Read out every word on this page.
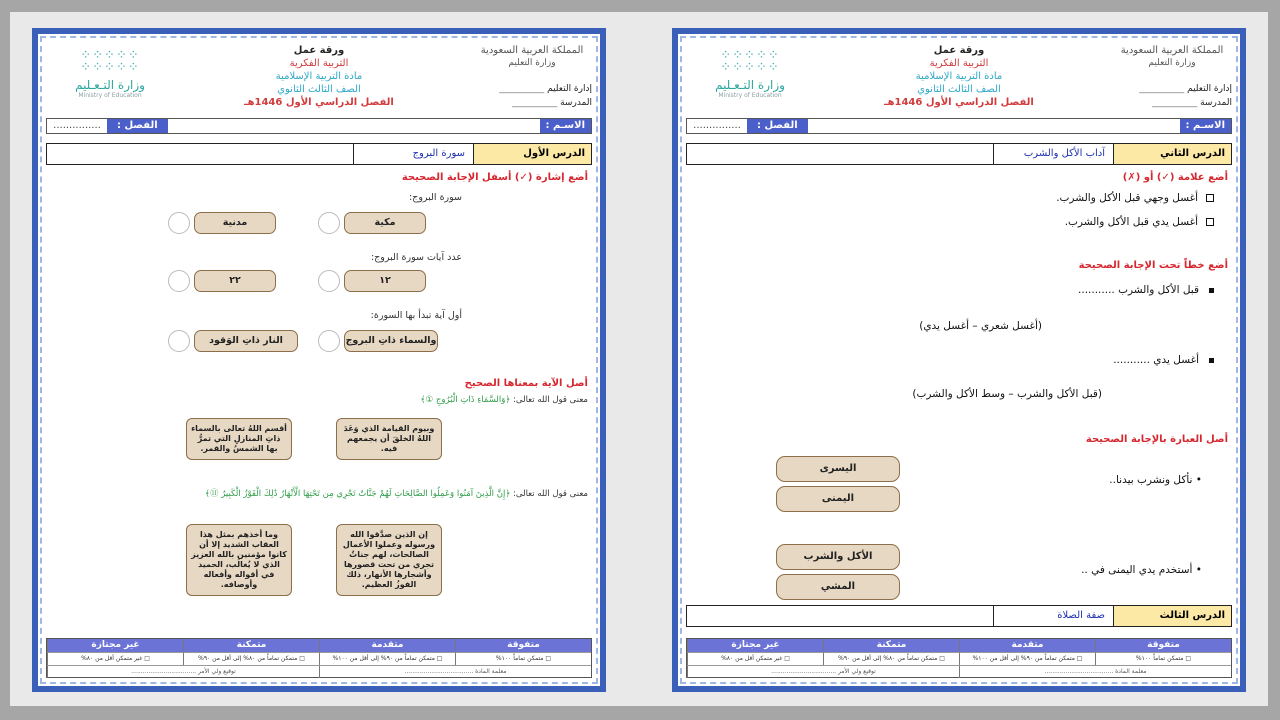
المملكة العربية السعودية
وزارة التعليم
إدارة التعليم __________
المدرسة __________
ورقة عمل
التربية الفكرية
مادة التربية الإسلامية
الصف الثالث الثانوي
الفصل الدراسي الأول 1446هـ
⁘⁘⁘⁘⁘
⁘⁘⁘⁘⁘
وزارة التـعـليم
Ministry of Education
الاسـم :
الفصل :
...............
الدرس الثاني
آداب الأكل والشرب
أضع علامة (✓) أو (✗)
أغسل وجهي قبل الأكل والشرب.
أغسل يدي قبل الأكل والشرب.
أضع خطاً تحت الإجابة الصحيحة
قبل الأكل والشرب ...........
(أغسل شعري – أغسل يدي)
أغسل يدي ...........
(قبل الأكل والشرب – وسط الأكل والشرب)
أصل العبارة بالإجابة الصحيحة
• نأكل ونشرب بيدنا..
• أستخدم يدي اليمنى في ..
اليسرى
اليمنى
الأكل والشرب
المشي
الدرس الثالث
صفة الصلاة
متفوقة
متقدمة
متمكنة
غير مجتازة
□ متمكن تماماً ١٠٠%
□ متمكن تماماً من ٩٠% إلى أقل من ١٠٠%
□ متمكن تماماً من ٨٠% إلى أقل من ٩٠%
□ غير متمكن أقل من ٨٠%
معلمة المادة ....................................
توقيع ولي الأمر ..................................
المملكة العربية السعودية
وزارة التعليم
إدارة التعليم __________
المدرسة __________
ورقة عمل
التربية الفكرية
مادة التربية الإسلامية
الصف الثالث الثانوي
الفصل الدراسي الأول 1446هـ
⁘⁘⁘⁘⁘
⁘⁘⁘⁘⁘
وزارة التـعـليم
Ministry of Education
الاسـم :
الفصل :
...............
الدرس الأول
سورة البروج
أضع إشارة (✓) أسفل الإجابة الصحيحة
سورة البروج:
مكية
مدنية
عدد آيات سورة البروج:
١٢
٢٢
أول آية تبدأ بها السورة:
والسماء ذاتِ البروج
النار ذاتِ الوَقود
أصل الآية بمعناها الصحيح
معنى قول الله تعالى: ﴿وَالسَّمَاءِ ذَاتِ الْبُرُوجِ ①﴾
وبيوم القيامة الذي وَعَدَ اللهُ الخلقَ أن يجمعهم فيه.
أقسم اللهُ تعالى بالسماء ذاتِ المنازلِ التي تمرُّ بها الشمسُ والقمر.
معنى قول الله تعالى: ﴿إِنَّ الَّذِينَ آمَنُوا وَعَمِلُوا الصَّالِحَاتِ لَهُمْ جَنَّاتٌ تَجْرِي مِن تَحْتِهَا الْأَنْهَارُ ذَٰلِكَ الْفَوْزُ الْكَبِيرُ ⑪﴾
إن الذين صدَّقوا الله ورسوله وعملوا الأعمال الصالحات، لهم جناتٌ تجري من تحت قصورها وأشجارها الأنهار، ذلك الفوزُ العظيم.
وما أخذهم بمثل هذا العقاب الشديد إلا أن كانوا مؤمنين بالله العزيز الذي لا يُغالَب، الحميد في أقواله وأفعاله وأوصافه.
متفوقة
متقدمة
متمكنة
غير مجتازة
□ متمكن تماماً ١٠٠%
□ متمكن تماماً من ٩٠% إلى أقل من ١٠٠%
□ متمكن تماماً من ٨٠% إلى أقل من ٩٠%
□ غير متمكن أقل من ٨٠%
معلمة المادة ....................................
توقيع ولي الأمر ..................................
